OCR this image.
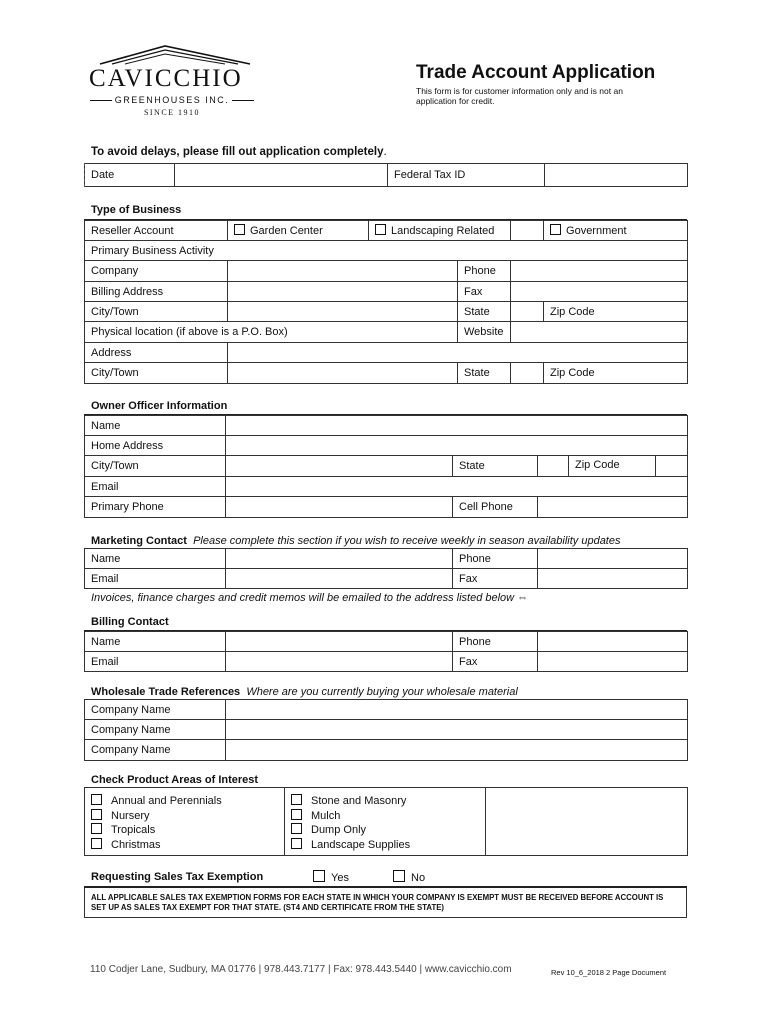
CAVICCHIO
GREENHOUSES INC.
SINCE 1910
Trade Account Application
This form is for customer information only and is not an application for credit.
To avoid delays, please fill out application completely.
Date		Federal Tax ID	
Type of Business
Reseller Account	Garden Center	Landscaping Related			Government
Primary Business Activity					
Company			Phone		
Billing Address			Fax		
City/Town			State		Zip Code
Physical location (if above is a P.O. Box)			Website		
Address					
City/Town			State		Zip Code
Owner Officer Information
Name			
Home Address			
City/Town		State	Zip Code

Email			
Primary Phone		Cell Phone	
Marketing Contact Please complete this section if you wish to receive weekly in season availability updates
Name		Phone	
Email		Fax	
Invoices, finance charges and credit memos will be emailed to the address listed below ⇔
Billing Contact
Name		Phone	
Email		Fax	
Wholesale Trade References Where are you currently buying your wholesale material
Company Name	
Company Name	
Company Name	
Check Product Areas of Interest
Annual and Perennials
Nursery
Tropicals
Christmas

Stone and Masonry
Mulch
Dump Only
Landscape Supplies

Requesting Sales Tax Exemption	Yes	No
ALL APPLICABLE SALES TAX EXEMPTION FORMS FOR EACH STATE IN WHICH YOUR COMPANY IS EXEMPT MUST BE RECEIVED BEFORE ACCOUNT IS SET UP AS SALES TAX EXEMPT FOR THAT STATE. (ST4 AND CERTIFICATE FROM THE STATE)
110 Codjer Lane, Sudbury, MA 01776 | 978.443.7177 | Fax: 978.443.5440 | www.cavicchio.com	Rev 10_6_2018 2 Page Document
